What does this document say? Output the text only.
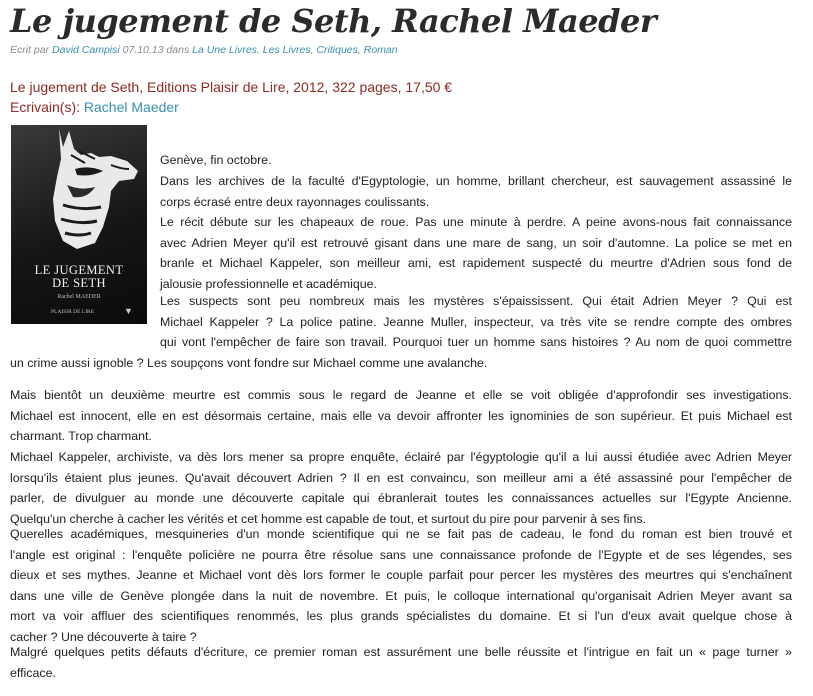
Le jugement de Seth, Rachel Maeder
Ecrit par David Campisi 07.10.13 dans La Une Livres, Les Livres, Critiques, Roman
Le jugement de Seth, Editions Plaisir de Lire, 2012, 322 pages, 17,50 €
Ecrivain(s): Rachel Maeder
LE JUGEMENT
DE SETH
Rachel MAEDER
PLAISIR DE LIRE	▼
Genève, fin octobre.
Dans les archives de la faculté d'Egyptologie, un homme, brillant chercheur, est sauvagement assassiné le
corps écrasé entre deux rayonnages coulissants.
Le récit débute sur les chapeaux de roue. Pas une minute à perdre. A peine avons-nous fait connaissance
avec Adrien Meyer qu'il est retrouvé gisant dans une mare de sang, un soir d'automne. La police se met en
branle et Michael Kappeler, son meilleur ami, est rapidement suspecté du meurtre d'Adrien sous fond de
jalousie professionnelle et académique.
Les suspects sont peu nombreux mais les mystères s'épaississent. Qui était Adrien Meyer ? Qui est
Michael Kappeler ? La police patine. Jeanne Muller, inspecteur, va très vite se rendre compte des ombres
qui vont l'empêcher de faire son travail. Pourquoi tuer un homme sans histoires ? Au nom de quoi commettre
un crime aussi ignoble ? Les soupçons vont fondre sur Michael comme une avalanche.
Mais bientôt un deuxième meurtre est commis sous le regard de Jeanne et elle se voit obligée d'approfondir ses investigations.
Michael est innocent, elle en est désormais certaine, mais elle va devoir affronter les ignominies de son supérieur. Et puis Michael est
charmant. Trop charmant.
Michael Kappeler, archiviste, va dès lors mener sa propre enquête, éclairé par l'égyptologie qu'il a lui aussi étudiée avec Adrien Meyer
lorsqu'ils étaient plus jeunes. Qu'avait découvert Adrien ? Il en est convaincu, son meilleur ami a été assassiné pour l'empêcher de
parler, de divulguer au monde une découverte capitale qui ébranlerait toutes les connaissances actuelles sur l'Egypte Ancienne.
Quelqu'un cherche à cacher les vérités et cet homme est capable de tout, et surtout du pire pour parvenir à ses fins.
Querelles académiques, mesquineries d'un monde scientifique qui ne se fait pas de cadeau, le fond du roman est bien trouvé et
l'angle est original : l'enquête policière ne pourra être résolue sans une connaissance profonde de l'Egypte et de ses légendes, ses
dieux et ses mythes. Jeanne et Michael vont dès lors former le couple parfait pour percer les mystères des meurtres qui s'enchaînent
dans une ville de Genève plongée dans la nuit de novembre. Et puis, le colloque international qu'organisait Adrien Meyer avant sa
mort va voir affluer des scientifiques renommés, les plus grands spécialistes du domaine. Et si l'un d'eux avait quelque chose à
cacher ? Une découverte à taire ?
Malgré quelques petits défauts d'écriture, ce premier roman est assurément une belle réussite et l'intrigue en fait un « page turner »
efficace.
